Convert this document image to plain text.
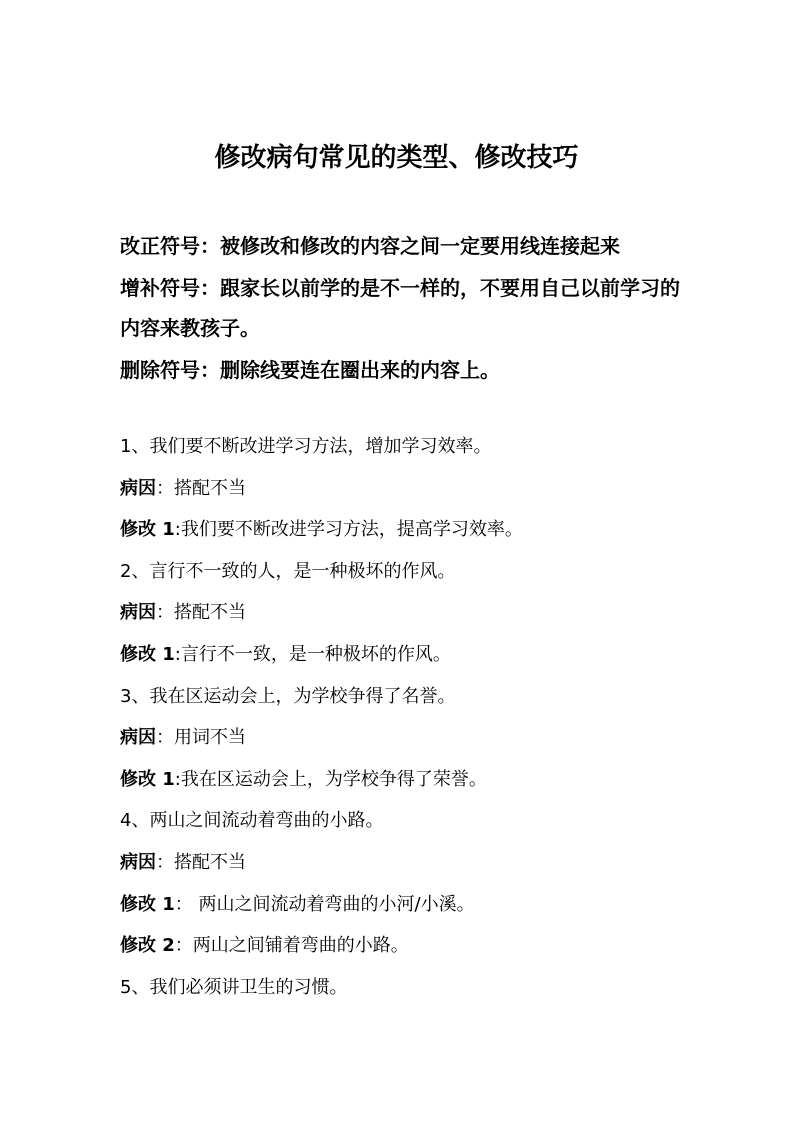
修改病句常见的类型、修改技巧

改正符号：被修改和修改的内容之间一定要用线连接起来

增补符号：跟家长以前学的是不一样的，不要用自己以前学习的内容来教孩子。

删除符号：删除线要连在圈出来的内容上。

1、我们要不断改进学习方法，增加学习效率。
病因：搭配不当
修改 1:我们要不断改进学习方法，提高学习效率。
2、言行不一致的人，是一种极坏的作风。
病因：搭配不当
修改 1:言行不一致，是一种极坏的作风。
3、我在区运动会上，为学校争得了名誉。
病因：用词不当
修改 1:我在区运动会上，为学校争得了荣誉。
4、两山之间流动着弯曲的小路。
病因：搭配不当
修改 1： 两山之间流动着弯曲的小河/小溪。
修改 2：两山之间铺着弯曲的小路。
5、我们必须讲卫生的习惯。
